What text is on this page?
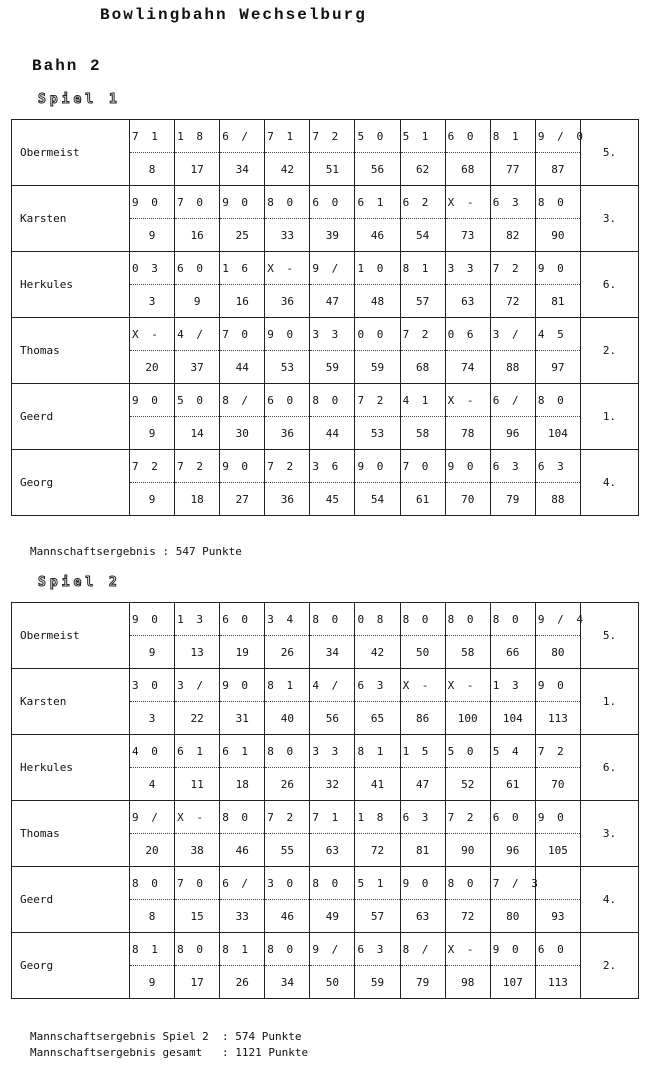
Bowlingbahn Wechselburg
Bahn 2
Spiel 1
Obermeist	7 1	1 8	6 /	7 1	7 2	5 0	5 1	6 0	8 1	9 / 0	5.
	8	17	34	42	51	56	62	68	77	87	
Karsten	9 0	7 0	9 0	8 0	6 0	6 1	6 2	X -	6 3	8 0	3.
	9	16	25	33	39	46	54	73	82	90	
Herkules	0 3	6 0	1 6	X -	9 /	1 0	8 1	3 3	7 2	9 0	6.
	3	9	16	36	47	48	57	63	72	81	
Thomas	X -	4 /	7 0	9 0	3 3	0 0	7 2	0 6	3 /	4 5	2.
	20	37	44	53	59	59	68	74	88	97	
Geerd	9 0	5 0	8 /	6 0	8 0	7 2	4 1	X -	6 /	8 0	1.
	9	14	30	36	44	53	58	78	96	104	
Georg	7 2	7 2	9 0	7 2	3 6	9 0	7 0	9 0	6 3	6 3	4.
	9	18	27	36	45	54	61	70	79	88	
Mannschaftsergebnis : 547 Punkte
Spiel 2
Obermeist	9 0	1 3	6 0	3 4	8 0	0 8	8 0	8 0	8 0	9 / 4	5.
	9	13	19	26	34	42	50	58	66	80	
Karsten	3 0	3 /	9 0	8 1	4 /	6 3	X -	X -	1 3	9 0	1.
	3	22	31	40	56	65	86	100	104	113	
Herkules	4 0	6 1	6 1	8 0	3 3	8 1	1 5	5 0	5 4	7 2	6.
	4	11	18	26	32	41	47	52	61	70	
Thomas	9 /	X -	8 0	7 2	7 1	1 8	6 3	7 2	6 0	9 0	3.
	20	38	46	55	63	72	81	90	96	105	
Geerd	8 0	7 0	6 /	3 0	8 0	5 1	9 0	8 0	7 / 3		4.
	8	15	33	46	49	57	63	72	80	93	
Georg	8 1	8 0	8 1	8 0	9 /	6 3	8 /	X -	9 0	6 0	2.
	9	17	26	34	50	59	79	98	107	113	
Mannschaftsergebnis Spiel 2  : 574 Punkte
Mannschaftsergebnis gesamt   : 1121 Punkte
